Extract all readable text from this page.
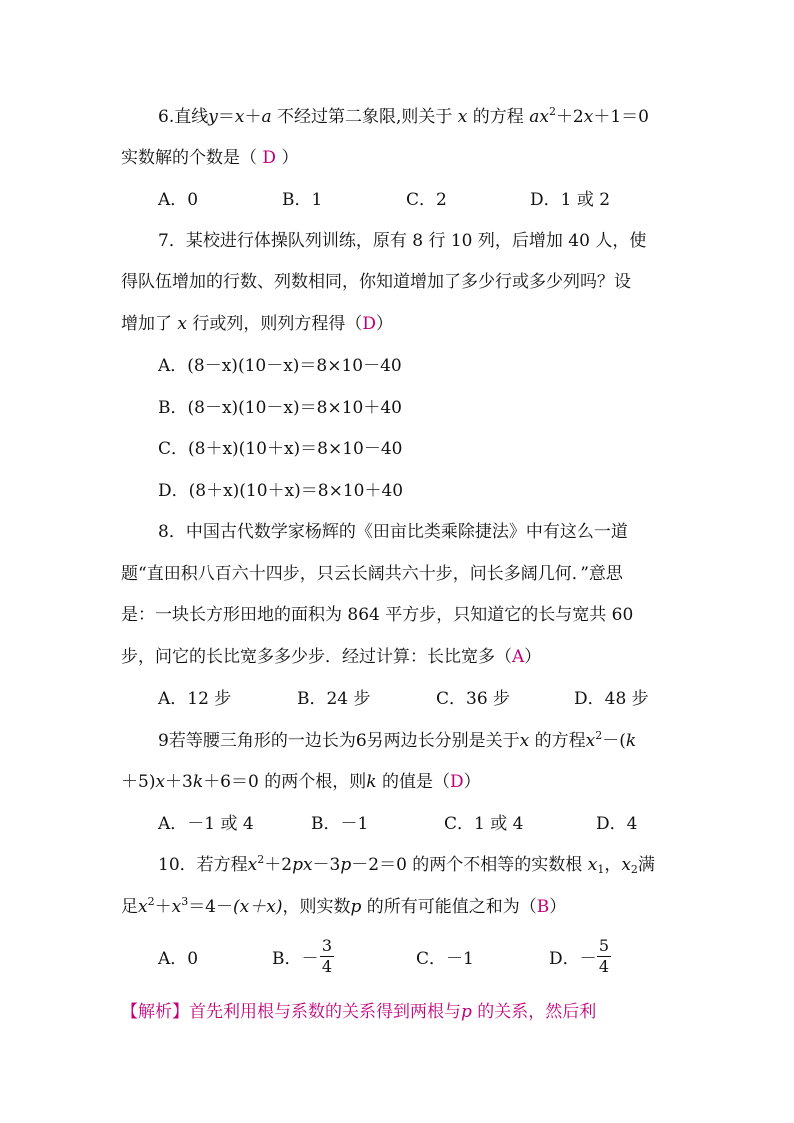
6.直线y＝x＋a 不经过第二象限,则关于 x 的方程 $ax^2+2x+1=0$
实数解的个数是（ D ）
A．0	B．1	C．2	D．1 或 2
7．某校进行体操队列训练，原有 8 行 10 列，后增加 40 人，使
得队伍增加的行数、列数相同，你知道增加了多少行或多少列吗？设
增加了 x 行或列，则列方程得（D）
A．(8－x)(10－x)＝8×10－40
B．(8－x)(10－x)＝8×10＋40
C．(8＋x)(10＋x)＝8×10－40
D．(8＋x)(10＋x)＝8×10＋40
8．中国古代数学家杨辉的《田亩比类乘除捷法》中有这么一道
题“直田积八百六十四步，只云长阔共六十步，问长多阔几何．”意思
是：一块长方形田地的面积为 864 平方步，只知道它的长与宽共 60
步，问它的长比宽多多少步．经过计算：长比宽多（A）
A．12 步	B．24 步	C．36 步	D．48 步
9若等腰三角形的一边长为6另两边长分别是关于x 的方程$x^2-(k$
＋5)x＋3k＋6＝0 的两个根，则k 的值是（D）
A．－1 或 4	B．－1	C．1 或 4	D．4
10．若方程$x^2+2px-3p-2=0$ 的两个不相等的实数根 $x_1$，$x_2$满
足$x^2+x^3=4-(x+x)$，则实数p 的所有可能值之和为（B）
A．0	B．－
3
4	C．－1	D．－
5
4
【解析】首先利用根与系数的关系得到两根与p 的关系，然后利
